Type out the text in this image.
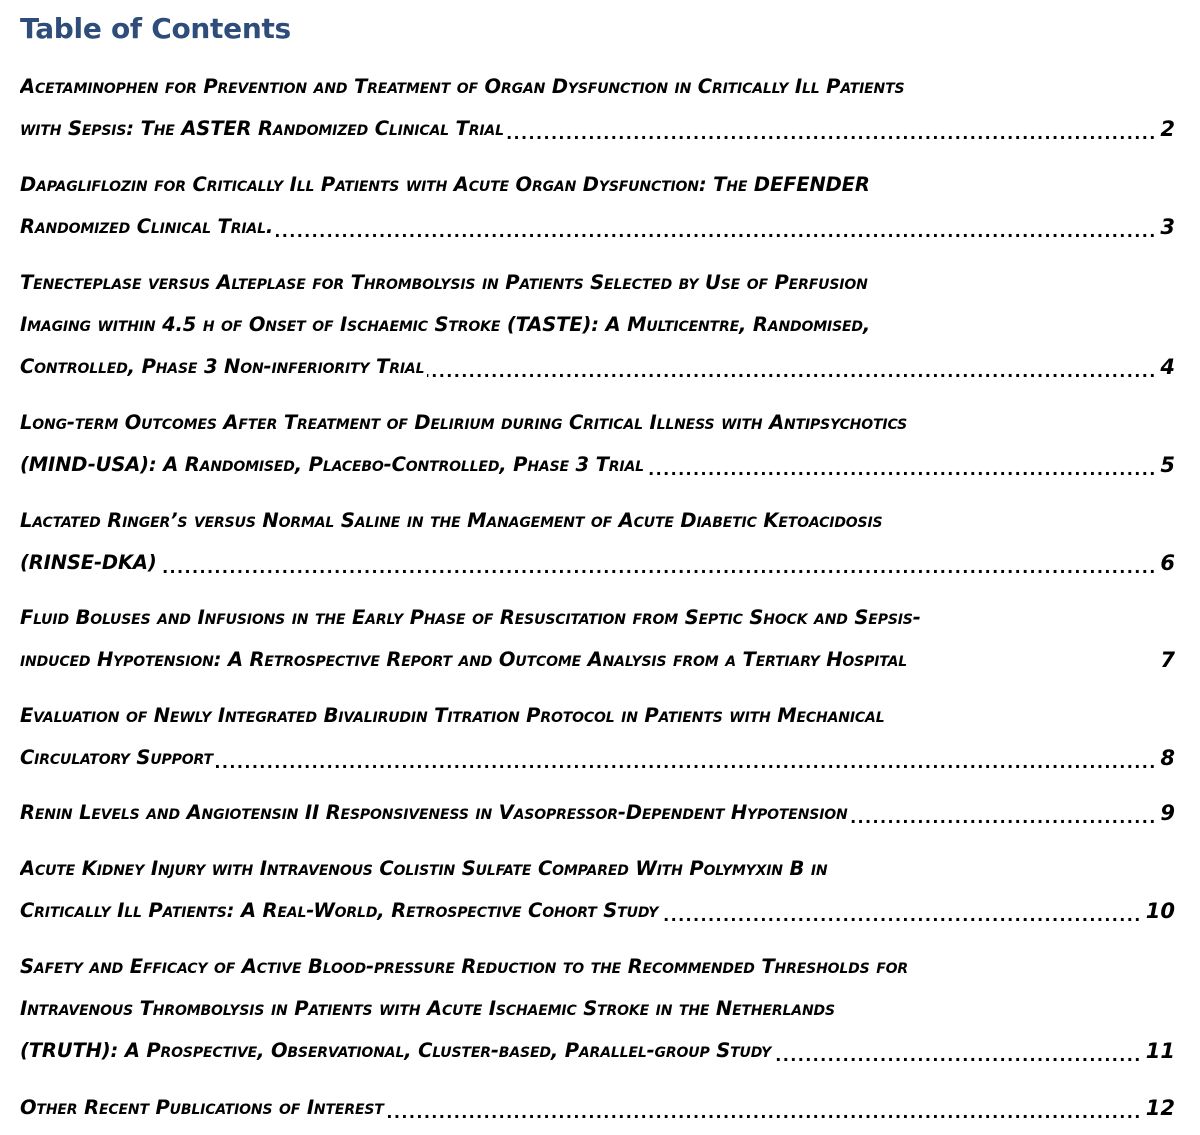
Table of Contents
Acetaminophen for Prevention and Treatment of Organ Dysfunction in Critically Ill Patients
.....
with Sepsis: The ASTER Randomized Clinical Trial	2
Dapagliflozin for Critically Ill Patients with Acute Organ Dysfunction: The DEFENDER
.....
Randomized Clinical Trial.	3
Tenecteplase versus Alteplase for Thrombolysis in Patients Selected by Use of Perfusion
Imaging within 4.5 h of Onset of Ischaemic Stroke (TASTE): A Multicentre, Randomised,
.....
Controlled, Phase 3 Non-inferiority Trial	4
Long-term Outcomes After Treatment of Delirium during Critical Illness with Antipsychotics
.....
(MIND-USA): A Randomised, Placebo-Controlled, Phase 3 Trial	5
Lactated Ringer’s versus Normal Saline in the Management of Acute Diabetic Ketoacidosis
.....
(RINSE-DKA)	6
Fluid Boluses and Infusions in the Early Phase of Resuscitation from Septic Shock and Sepsis-
induced Hypotension: A Retrospective Report and Outcome Analysis from a Tertiary Hospital	7
Evaluation of Newly Integrated Bivalirudin Titration Protocol in Patients with Mechanical
.....
Circulatory Support	8
.....
Renin Levels and Angiotensin II Responsiveness in Vasopressor-Dependent Hypotension	9
Acute Kidney Injury with Intravenous Colistin Sulfate Compared With Polymyxin B in
.....
Critically Ill Patients: A Real-World, Retrospective Cohort Study	10
Safety and Efficacy of Active Blood-pressure Reduction to the Recommended Thresholds for
Intravenous Thrombolysis in Patients with Acute Ischaemic Stroke in the Netherlands
.....
(TRUTH): A Prospective, Observational, Cluster-based, Parallel-group Study	11
.....
Other Recent Publications of Interest	12
